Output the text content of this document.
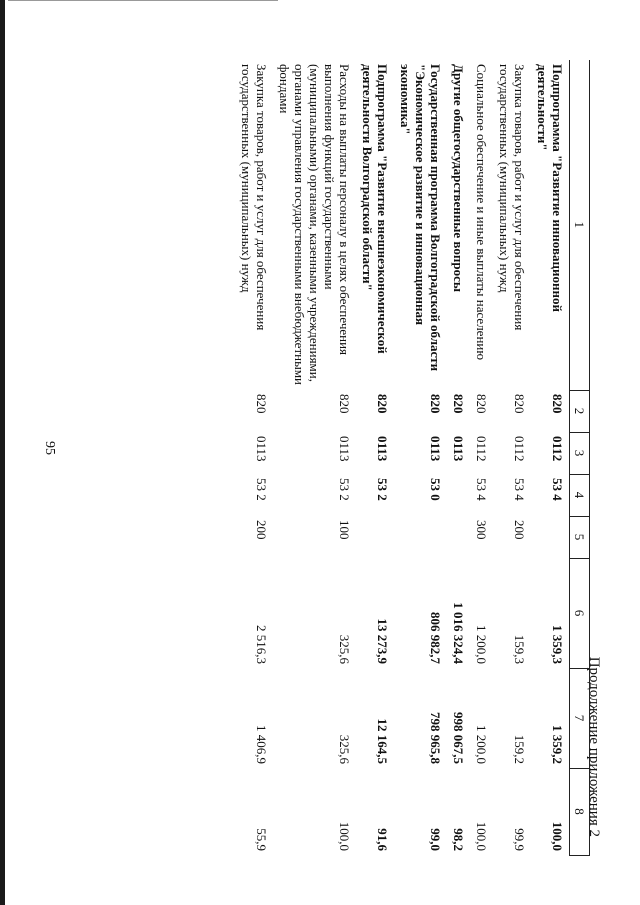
95
Продолжение приложения 2
1	2	3	4	5	6	7	8
Подпрограмма "Развитие инновационной деятельности"	820	0112	53 4		1 359,3	1 359,2	100,0
Закупка товаров, работ и услуг для обеспечения государственных (муниципальных) нужд	820	0112	53 4	200	159,3	159,2	99,9
Социальное обеспечение и иные выплаты населению	820	0112	53 4	300	1 200,0	1 200,0	100,0
Другие общегосударственные вопросы	820	0113			1 016 324,4	998 067,5	98,2
Государственная программа Волгоградской области "Экономическое развитие и инновационная экономика"	820	0113	53 0		806 982,7	798 965,8	99,0
Подпрограмма "Развитие внешнеэкономической деятельности Волгоградской области"	820	0113	53 2		13 273,9	12 164,5	91,6
Расходы на выплаты персоналу в целях обеспечения выполнения функций государственными (муниципальными) органами, казенными учреждениями, органами управления государственными внебюджетными фондами	820	0113	53 2	100	325,6	325,6	100,0
Закупка товаров, работ и услуг для обеспечения государственных (муниципальных) нужд	820	0113	53 2	200	2 516,3	1 406,9	55,9
